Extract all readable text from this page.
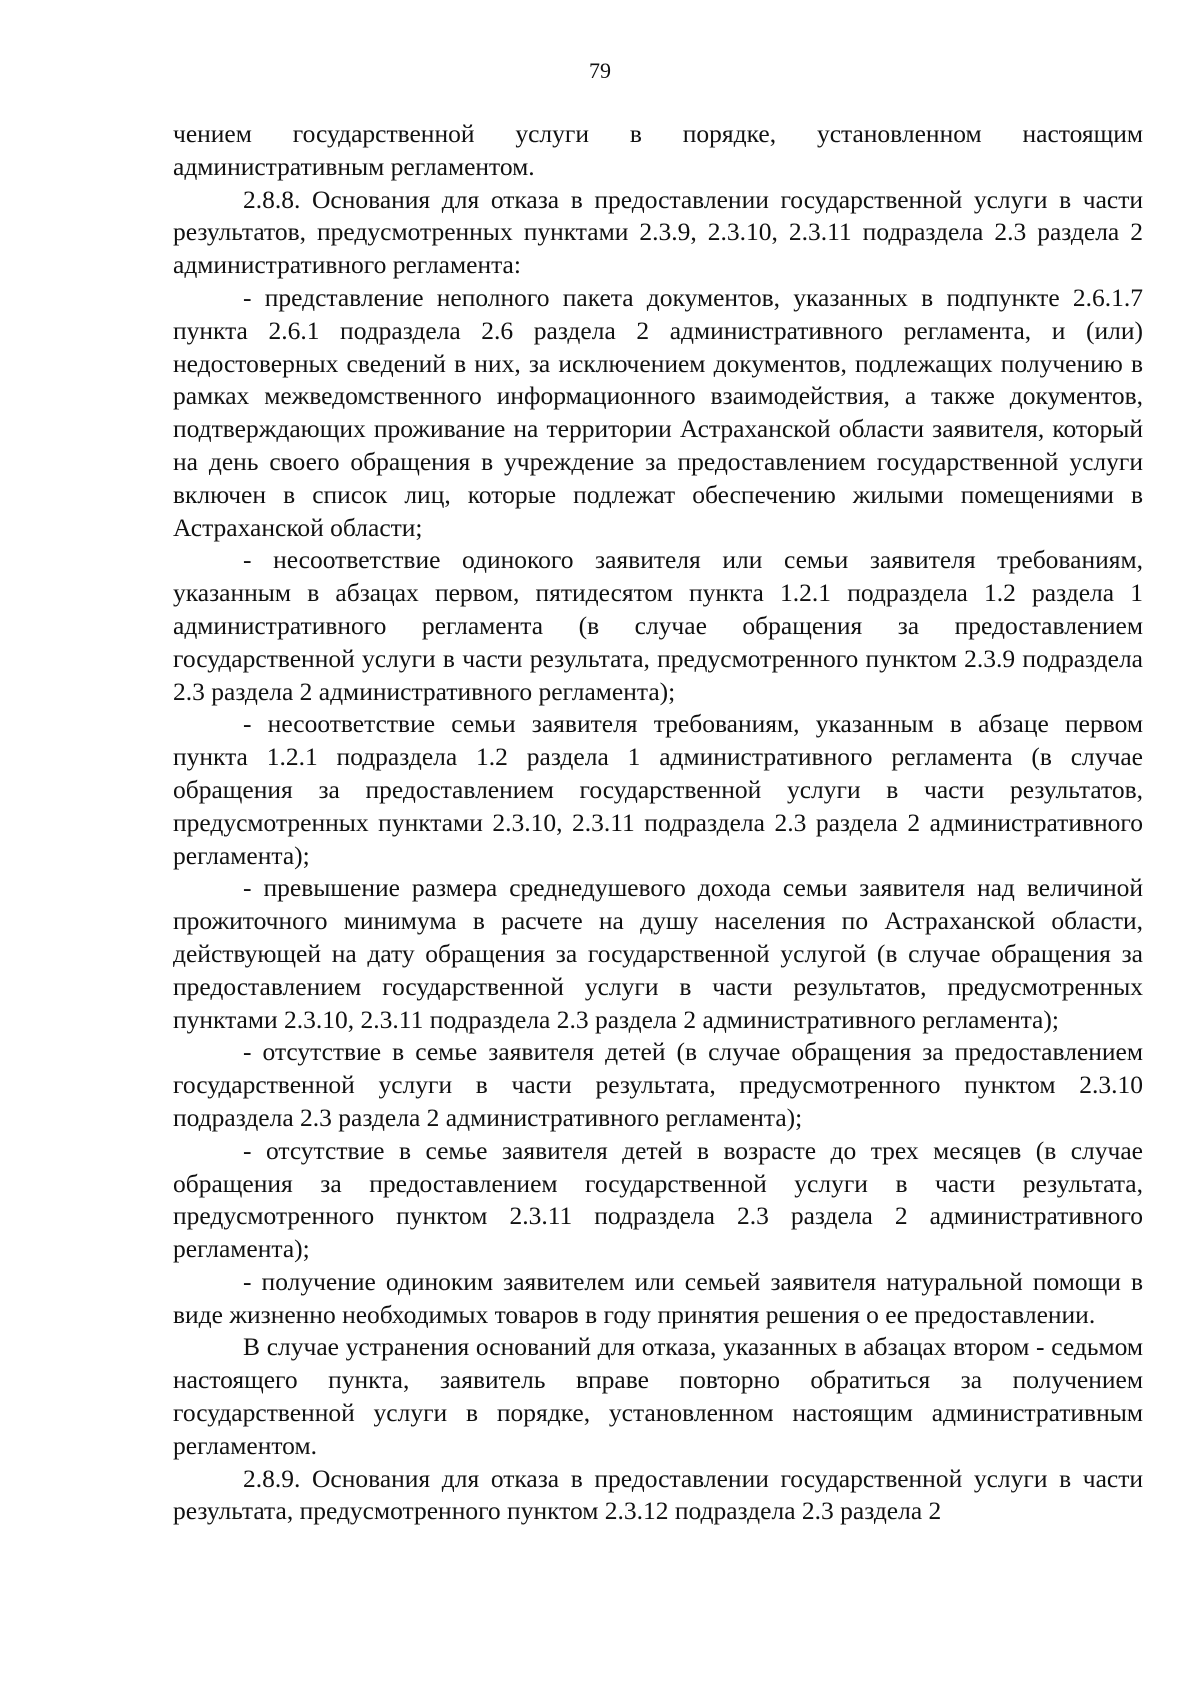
79

чением государственной услуги в порядке, установленном настоящим административным регламентом.

2.8.8. Основания для отказа в предоставлении государственной услуги в части результатов, предусмотренных пунктами 2.3.9, 2.3.10, 2.3.11 подраздела 2.3 раздела 2 административного регламента:

- представление неполного пакета документов, указанных в подпункте 2.6.1.7 пункта 2.6.1 подраздела 2.6 раздела 2 административного регламента, и (или) недостоверных сведений в них, за исключением документов, подлежащих получению в рамках межведомственного информационного взаимодействия, а также документов, подтверждающих проживание на территории Астраханской области заявителя, который на день своего обращения в учреждение за предоставлением государственной услуги включен в список лиц, которые подлежат обеспечению жилыми помещениями в Астраханской области;

- несоответствие одинокого заявителя или семьи заявителя требованиям, указанным в абзацах первом, пятидесятом пункта 1.2.1 подраздела 1.2 раздела 1 административного регламента (в случае обращения за предоставлением государственной услуги в части результата, предусмотренного пунктом 2.3.9 подраздела 2.3 раздела 2 административного регламента);

- несоответствие семьи заявителя требованиям, указанным в абзаце первом пункта 1.2.1 подраздела 1.2 раздела 1 административного регламента (в случае обращения за предоставлением государственной услуги в части результатов, предусмотренных пунктами 2.3.10, 2.3.11 подраздела 2.3 раздела 2 административного регламента);

- превышение размера среднедушевого дохода семьи заявителя над величиной прожиточного минимума в расчете на душу населения по Астраханской области, действующей на дату обращения за государственной услугой (в случае обращения за предоставлением государственной услуги в части результатов, предусмотренных пунктами 2.3.10, 2.3.11 подраздела 2.3 раздела 2 административного регламента);

- отсутствие в семье заявителя детей (в случае обращения за предоставлением государственной услуги в части результата, предусмотренного пунктом 2.3.10 подраздела 2.3 раздела 2 административного регламента);

- отсутствие в семье заявителя детей в возрасте до трех месяцев (в случае обращения за предоставлением государственной услуги в части результата, предусмотренного пунктом 2.3.11 подраздела 2.3 раздела 2 административного регламента);

- получение одиноким заявителем или семьей заявителя натуральной помощи в виде жизненно необходимых товаров в году принятия решения о ее предоставлении.

В случае устранения оснований для отказа, указанных в абзацах втором - седьмом настоящего пункта, заявитель вправе повторно обратиться за получением государственной услуги в порядке, установленном настоящим административным регламентом.

2.8.9. Основания для отказа в предоставлении государственной услуги в части результата, предусмотренного пунктом 2.3.12 подраздела 2.3 раздела 2
